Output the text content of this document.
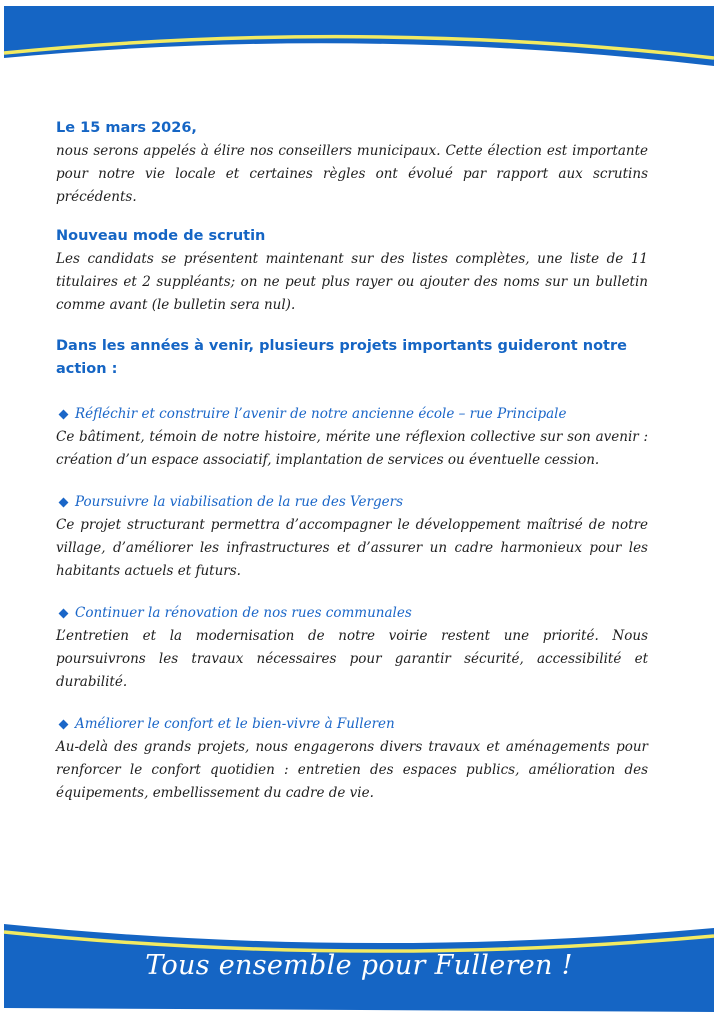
Le 15 mars 2026,

nous serons appelés à élire nos conseillers municipaux. Cette élection est importante pour notre vie locale et certaines règles ont évolué par rapport aux scrutins précédents.

Nouveau mode de scrutin

Les candidats se présentent maintenant sur des listes complètes, une liste de 11 titulaires et 2 suppléants; on ne peut plus rayer ou ajouter des noms sur un bulletin comme avant (le bulletin sera nul).

Dans les années à venir, plusieurs projets importants guideront notre action :
Réfléchir et construire l’avenir de notre ancienne école – rue Principale

Ce bâtiment, témoin de notre histoire, mérite une réflexion collective sur son avenir : création d’un espace associatif, implantation de services ou éventuelle cession.

Poursuivre la viabilisation de la rue des Vergers

Ce projet structurant permettra d’accompagner le développement maîtrisé de notre village, d’améliorer les infrastructures et d’assurer un cadre harmonieux pour les habitants actuels et futurs.

Continuer la rénovation de nos rues communales

L’entretien et la modernisation de notre voirie restent une priorité. Nous poursuivrons les travaux nécessaires pour garantir sécurité, accessibilité et durabilité.

Améliorer le confort et le bien-vivre à Fulleren

Au-delà des grands projets, nous engagerons divers travaux et aménagements pour renforcer le confort quotidien : entretien des espaces publics, amélioration des équipements, embellissement du cadre de vie.

Tous ensemble pour Fulleren !
